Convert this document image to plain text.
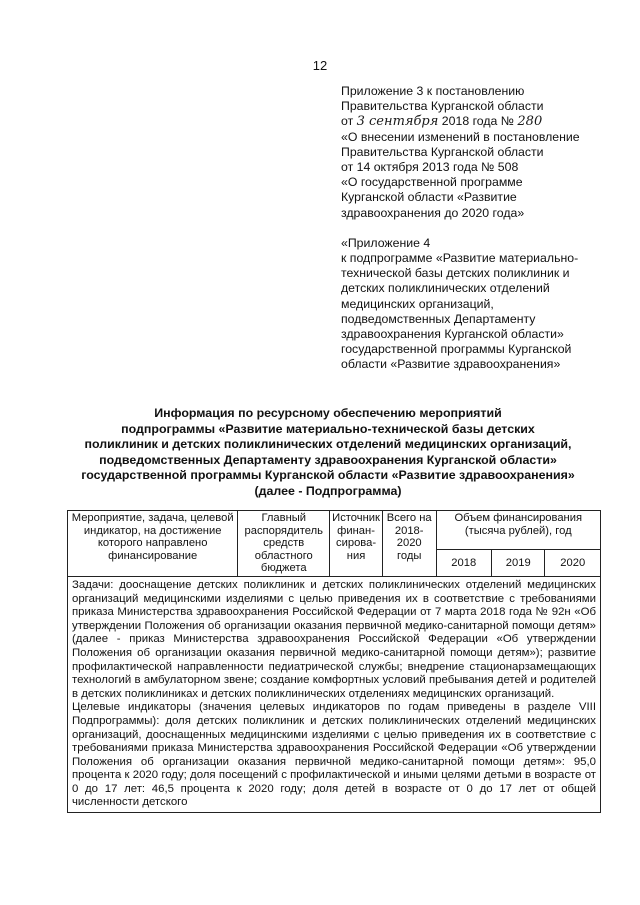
12
Приложение 3 к постановлению
Правительства Курганской области
от 3 сентября 2018 года № 280
«О внесении изменений в постановление
Правительства Курганской области
от 14 октября 2013 года № 508
«О государственной программе
Курганской области «Развитие
здравоохранения до 2020 года»
«Приложение 4
к подпрограмме «Развитие материально-
технической базы детских поликлиник и
детских поликлинических отделений
медицинских организаций,
подведомственных Департаменту
здравоохранения Курганской области»
государственной программы Курганской
области «Развитие здравоохранения»
Информация по ресурсному обеспечению мероприятий
подпрограммы «Развитие материально-технической базы детских
поликлиник и детских поликлинических отделений медицинских организаций,
подведомственных Департаменту здравоохранения Курганской области»
государственной программы Курганской области «Развитие здравоохранения»
(далее - Подпрограмма)
Мероприятие, задача, целевой индикатор, на достижение которого направлено финансирование	Главный распорядитель средств областного бюджета	Источник финан-сирова-ния	Всего на 2018-2020 годы	Объем финансирования (тысяча рублей), год		
				2018	2019	2020

Задачи: дооснащение детских поликлиник и детских поликлинических отделений медицинских организаций медицинскими изделиями с целью приведения их в соответствие с требованиями приказа Министерства здравоохранения Российской Федерации от 7 марта 2018 года № 92н «Об утверждении Положения об организации оказания первичной медико-санитарной помощи детям» (далее - приказ Министерства здравоохранения Российской Федерации «Об утверждении Положения об организации оказания первичной медико-санитарной помощи детям»); развитие профилактической направленности педиатрической службы; внедрение стационарзамещающих технологий в амбулаторном звене; создание комфортных условий пребывания детей и родителей в детских поликлиниках и детских поликлинических отделениях медицинских организаций.

Целевые индикаторы (значения целевых индикаторов по годам приведены в разделе VIII Подпрограммы): доля детских поликлиник и детских поликлинических отделений медицинских организаций, дооснащенных медицинскими изделиями с целью приведения их в соответствие с требованиями приказа Министерства здравоохранения Российской Федерации «Об утверждении Положения об организации оказания первичной медико-санитарной помощи детям»: 95,0 процента к 2020 году; доля посещений с профилактической и иными целями детьми в возрасте от 0 до 17 лет: 46,5 процента к 2020 году; доля детей в возрасте от 0 до 17 лет от общей численности детского						
